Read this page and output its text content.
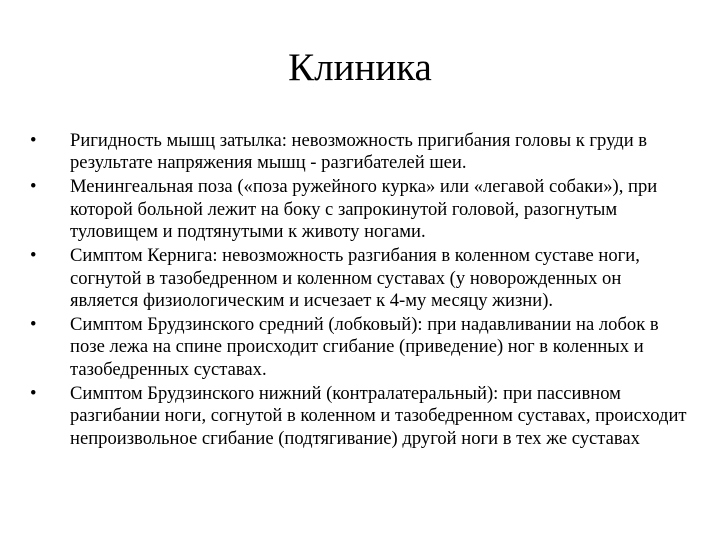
Клиника
•	Ригидность мышц затылка: невозможность пригибания головы к груди в результате напряжения мышц - разгибателей шеи.
•	Менингеальная поза («поза ружейного курка» или «легавой собаки»), при которой больной лежит на боку с запрокинутой головой, разогнутым туловищем и подтянутыми к животу ногами.
•	Симптом Кернига: невозможность разгибания в коленном суставе ноги, согнутой в тазобедренном и коленном суставах (у новорожденных он является физиологическим и исчезает к 4-му месяцу жизни).
•	Симптом Брудзинского средний (лобковый): при надавливании на лобок в позе лежа на спине происходит сгибание (приведение) ног в коленных и тазобедренных суставах.
•	Симптом Брудзинского нижний (контралатеральный): при пассивном разгибании ноги, согнутой в коленном и тазобедренном суставах, происходит непроизвольное сгибание (подтягивание) другой ноги в тех же суставах
